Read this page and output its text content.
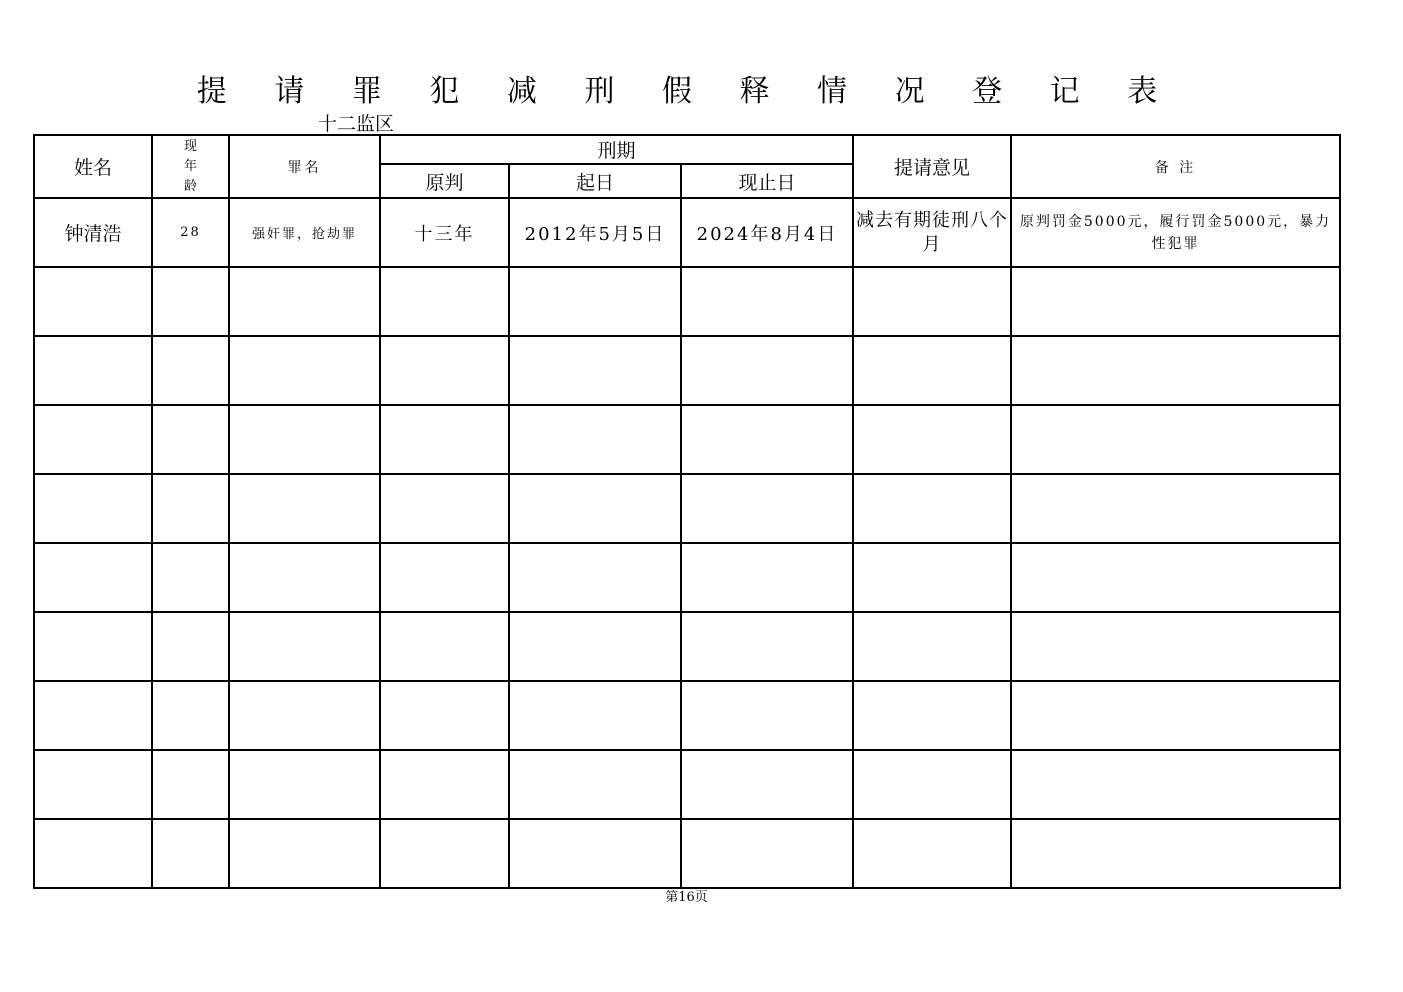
提 请 罪 犯 减 刑 假 释 情 况 登 记 表
十二监区
姓名	现年龄	罪名	刑期			提请意见	备 注
			原判	起日	现止日		
钟清浩	28	强奸罪，抢劫罪	十三年	2012年5月5日	2024年8月4日	减去有期徒刑八个月	原判罚金5000元，履行罚金5000元，暴力性犯罪

第16页
